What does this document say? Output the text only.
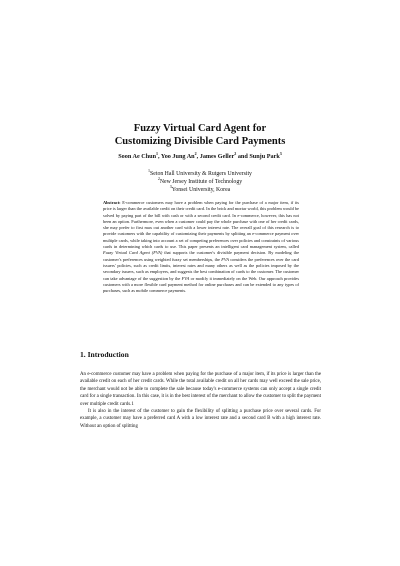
Fuzzy Virtual Card Agent for
Customizing Divisible Card Payments
Soon Ae Chun$^1$, Yoo Jung An$^2$, James Geller$^2$ and Sunju Park$^3$
$^1$Seton Hall University & Rutgers University
$^2$New Jersey Institute of Technology
$^3$Yonsei University, Korea
Abstract: E-commerce customers may have a problem when paying for the purchase of a major item, if its price is larger than the available credit on their credit card. In the brick and mortar world, this problem would be solved by paying part of the bill with cash or with a second credit card. In e-commerce, however, this has not been an option. Furthermore, even when a customer could pay the whole purchase with one of her credit cards, she may prefer to first max out another card with a lower interest rate. The overall goal of this research is to provide customers with the capability of customizing their payments by splitting an e-commerce payment over multiple cards, while taking into account a set of competing preferences over policies and constraints of various cards in determining which cards to use. This paper presents an intelligent card management system, called Fuzzy Virtual Card Agent (FVA) that supports the customer's divisible payment decision. By modeling the customer's preferences using weighted fuzzy set memberships, the FVA considers the preferences over the card issuers' policies, such as credit limits, interest rates and many others as well as the policies imposed by the secondary issuers, such as employers, and suggests the best combination of cards to the customer. The customer can take advantage of the suggestion by the FVA or modify it immediately on the Web. Our approach provides customers with a more flexible card payment method for online purchases and can be extended to any types of purchases, such as mobile commerce payments.
1. Introduction

An e-commerce customer may have a problem when paying for the purchase of a major item, if its price is larger than the available credit on each of her credit cards. While the total available credit on all her cards may well exceed the sale price, the merchant would not be able to complete the sale because today's e-commerce systems can only accept a single credit card for a single transaction. In this case, it is in the best interest of the merchant to allow the customer to split the payment over multiple credit cards.1

It is also in the interest of the customer to gain the flexibility of splitting a purchase price over several cards. For example, a customer may have a preferred card A with a low interest rate and a second card B with a high interest rate. Without an option of splitting
